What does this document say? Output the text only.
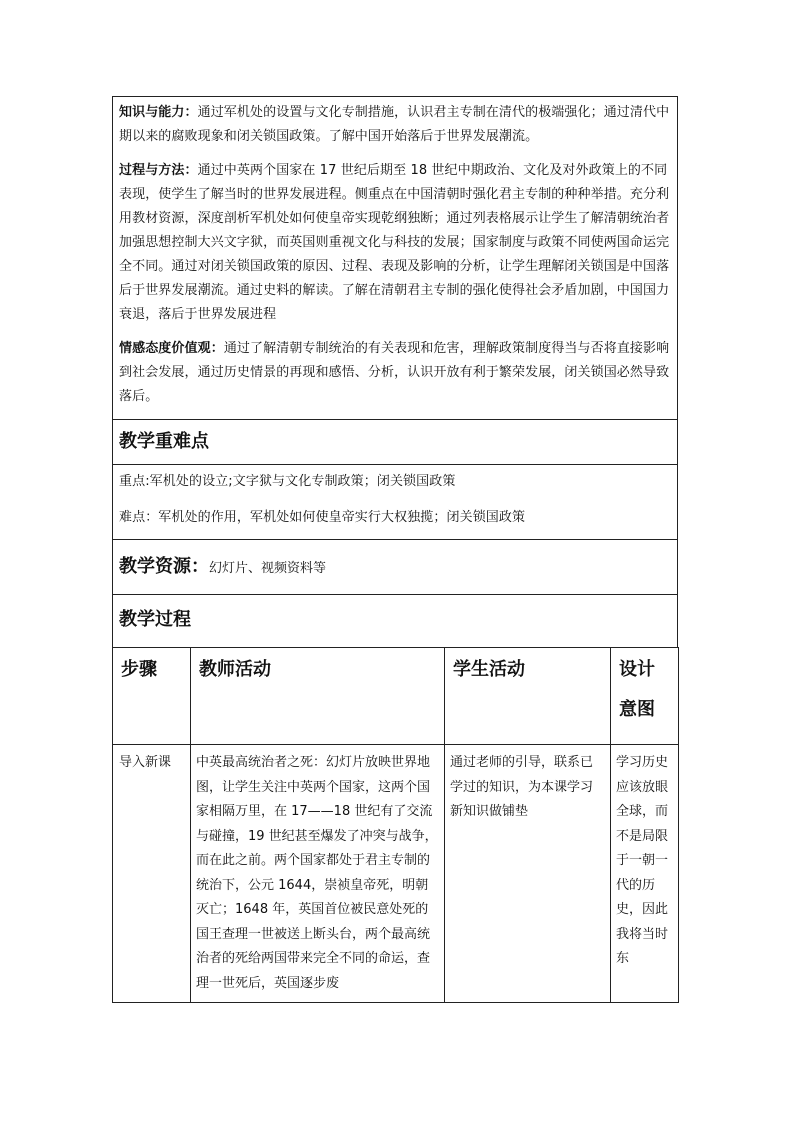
知识与能力：通过军机处的设置与文化专制措施，认识君主专制在清代的极端强化；通过清代中期以来的腐败现象和闭关锁国政策。了解中国开始落后于世界发展潮流。

过程与方法：通过中英两个国家在 17 世纪后期至 18 世纪中期政治、文化及对外政策上的不同表现，使学生了解当时的世界发展进程。侧重点在中国清朝时强化君主专制的种种举措。充分利用教材资源，深度剖析军机处如何使皇帝实现乾纲独断；通过列表格展示让学生了解清朝统治者加强思想控制大兴文字狱，而英国则重视文化与科技的发展；国家制度与政策不同使两国命运完全不同。通过对闭关锁国政策的原因、过程、表现及影响的分析，让学生理解闭关锁国是中国落后于世界发展潮流。通过史料的解读。了解在清朝君主专制的强化使得社会矛盾加剧，中国国力衰退，落后于世界发展进程

情感态度价值观：通过了解清朝专制统治的有关表现和危害，理解政策制度得当与否将直接影响到社会发展，通过历史情景的再现和感悟、分析，认识开放有利于繁荣发展，闭关锁国必然导致落后。

教学重难点

重点:军机处的设立;文字狱与文化专制政策；闭关锁国政策

难点：军机处的作用，军机处如何使皇帝实行大权独揽；闭关锁国政策

教学资源：幻灯片、视频资料等
教学过程
步骤	教师活动	学生活动	设计意图
导入新课	中英最高统治者之死：幻灯片放映世界地图，让学生关注中英两个国家，这两个国家相隔万里，在 17——18 世纪有了交流与碰撞，19 世纪甚至爆发了冲突与战争，而在此之前。两个国家都处于君主专制的统治下，公元 1644，崇祯皇帝死，明朝灭亡；1648 年，英国首位被民意处死的国王查理一世被送上断头台，两个最高统治者的死给两国带来完全不同的命运，查理一世死后，英国逐步废	通过老师的引导，联系已学过的知识，为本课学习新知识做铺垫	学习历史应该放眼全球，而不是局限于一朝一代的历史，因此我将当时东
